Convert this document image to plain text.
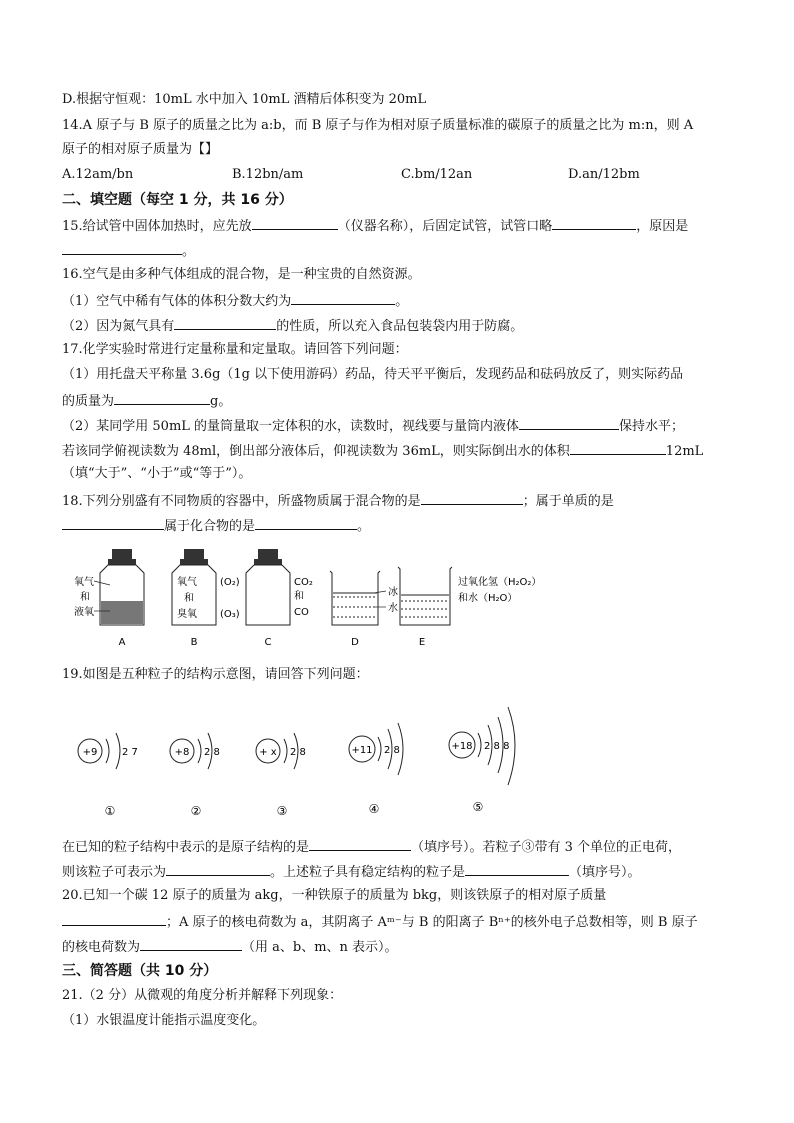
D.根据守恒观：10mL 水中加入 10mL 酒精后体积变为 20mL
14.A 原子与 B 原子的质量之比为 a:b，而 B 原子与作为相对原子质量标准的碳原子的质量之比为 m:n，则 A
原子的相对原子质量为【】
A.12am/bn	B.12bn/am	C.bm/12an	D.an/12bm
二、填空题（每空 1 分，共 16 分）
15.给试管中固体加热时，应先放	（仪器名称），后固定试管，试管口略	，原因是
。
16.空气是由多种气体组成的混合物，是一种宝贵的自然资源。
（1）空气中稀有气体的体积分数大约为	。
（2）因为氮气具有	的性质，所以充入食品包装袋内用于防腐。
17.化学实验时常进行定量称量和定量取。请回答下列问题：
（1）用托盘天平称量 3.6g（1g 以下使用游码）药品，待天平平衡后，发现药品和砝码放反了，则实际药品
的质量为	g。
（2）某同学用 50mL 的量筒量取一定体积的水，读数时，视线要与量筒内液体	保持水平；
若该同学俯视读数为 48ml，倒出部分液体后，仰视读数为 36mL，则实际倒出水的体积	12mL
（填“大于”、“小于”或“等于”）。
18.下列分别盛有不同物质的容器中，所盛物质属于混合物的是	；属于单质的是
属于化合物的是	。
氧气
和
液氧
A
氧气
和
臭氧
(O₂)
(O₃)
B
CO₂
和
CO
C
冰
水
D
过氧化氢（H₂O₂）
和水（H₂O）
E
19.如图是五种粒子的结构示意图，请回答下列问题：
+9 2 7
①
+8 2 8
②
+ x 2 8
③
+11 2 8
④
+18 2 8 8
⑤
在已知的粒子结构中表示的是原子结构的是	（填序号）。若粒子③带有 3 个单位的正电荷，
则该粒子可表示为	。上述粒子具有稳定结构的粒子是	（填序号）。
20.已知一个碳 12 原子的质量为 akg，一种铁原子的质量为 bkg，则该铁原子的相对原子质量
；A 原子的核电荷数为 a，其阴离子 Aᵐ⁻与 B 的阳离子 Bⁿ⁺的核外电子总数相等，则 B 原子
的核电荷数为	（用 a、b、m、n 表示）。
三、简答题（共 10 分）
21.（2 分）从微观的角度分析并解释下列现象：
（1）水银温度计能指示温度变化。
